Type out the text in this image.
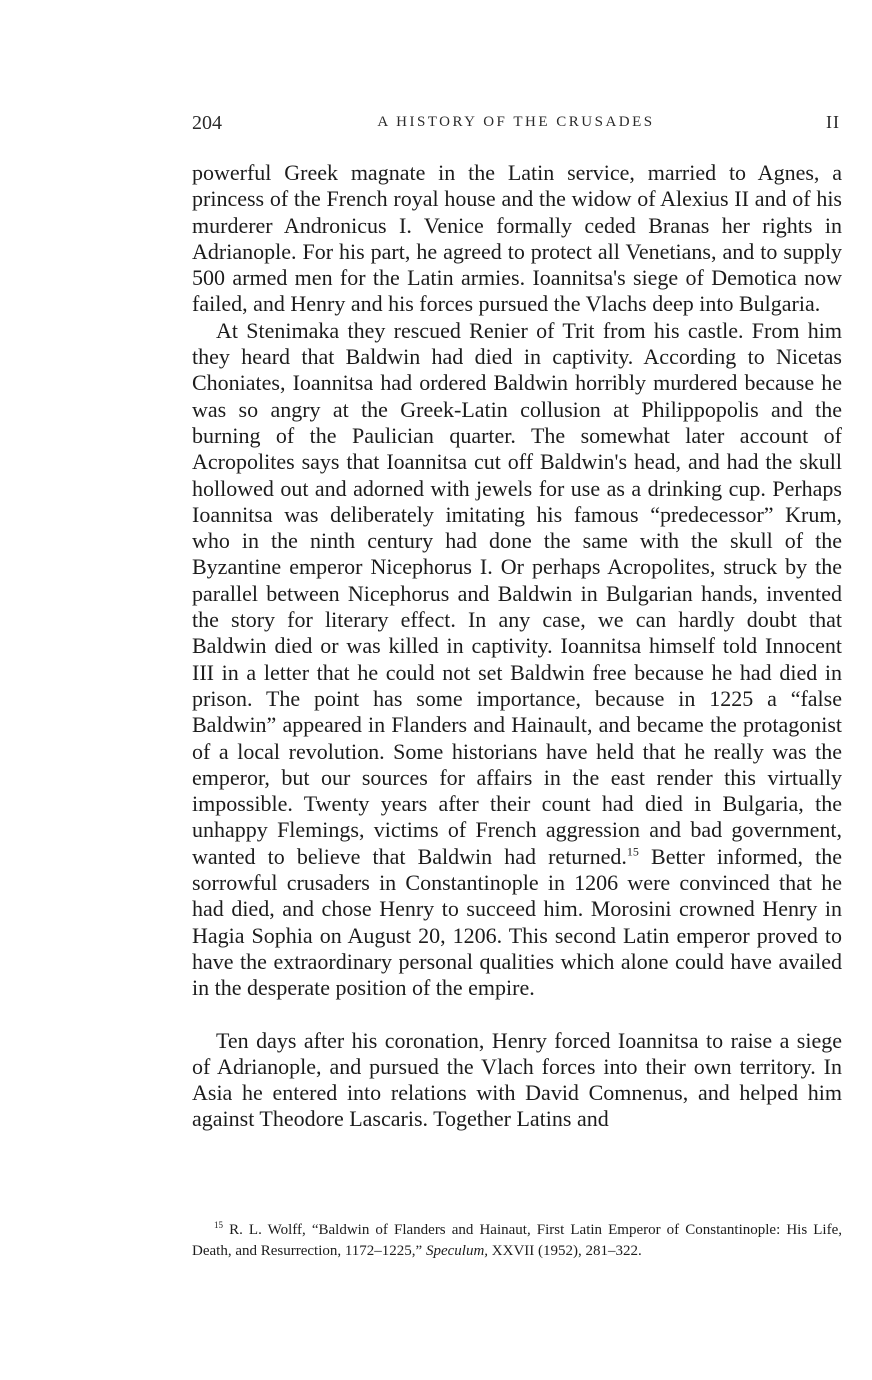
204	A HISTORY OF THE CRUSADES	II

powerful Greek magnate in the Latin service, married to Agnes, a princess of the French royal house and the widow of Alexius II and of his murderer Andronicus I. Venice formally ceded Branas her rights in Adrianople. For his part, he agreed to protect all Venetians, and to supply 500 armed men for the Latin armies. Ioannitsa's siege of Demotica now failed, and Henry and his forces pursued the Vlachs deep into Bulgaria.

At Stenimaka they rescued Renier of Trit from his castle. From him they heard that Baldwin had died in captivity. According to Nicetas Choniates, Ioannitsa had ordered Baldwin horribly murdered because he was so angry at the Greek-Latin collusion at Philippopolis and the burning of the Paulician quarter. The somewhat later account of Acropolites says that Ioannitsa cut off Baldwin's head, and had the skull hollowed out and adorned with jewels for use as a drinking cup. Perhaps Ioannitsa was deliberately imitating his famous “predecessor” Krum, who in the ninth century had done the same with the skull of the Byzantine emperor Nicephorus I. Or perhaps Acropolites, struck by the parallel between Nicephorus and Baldwin in Bulgarian hands, invented the story for literary effect. In any case, we can hardly doubt that Baldwin died or was killed in captivity. Ioannitsa himself told Innocent III in a letter that he could not set Baldwin free because he had died in prison. The point has some importance, because in 1225 a “false Baldwin” appeared in Flanders and Hainault, and became the protagonist of a local revolution. Some historians have held that he really was the emperor, but our sources for affairs in the east render this virtually impossible. Twenty years after their count had died in Bulgaria, the unhappy Flemings, victims of French aggression and bad government, wanted to believe that Baldwin had returned.$^{15}$ Better informed, the sorrowful crusaders in Constantinople in 1206 were convinced that he had died, and chose Henry to succeed him. Morosini crowned Henry in Hagia Sophia on August 20, 1206. This second Latin emperor proved to have the extraordinary personal qualities which alone could have availed in the desperate position of the empire.

Ten days after his coronation, Henry forced Ioannitsa to raise a siege of Adrianople, and pursued the Vlach forces into their own territory. In Asia he entered into relations with David Comnenus, and helped him against Theodore Lascaris. Together Latins and

$^{15}$ R. L. Wolff, “Baldwin of Flanders and Hainaut, First Latin Emperor of Constantinople: His Life, Death, and Resurrection, 1172–1225,” Speculum, XXVII (1952), 281–322.
